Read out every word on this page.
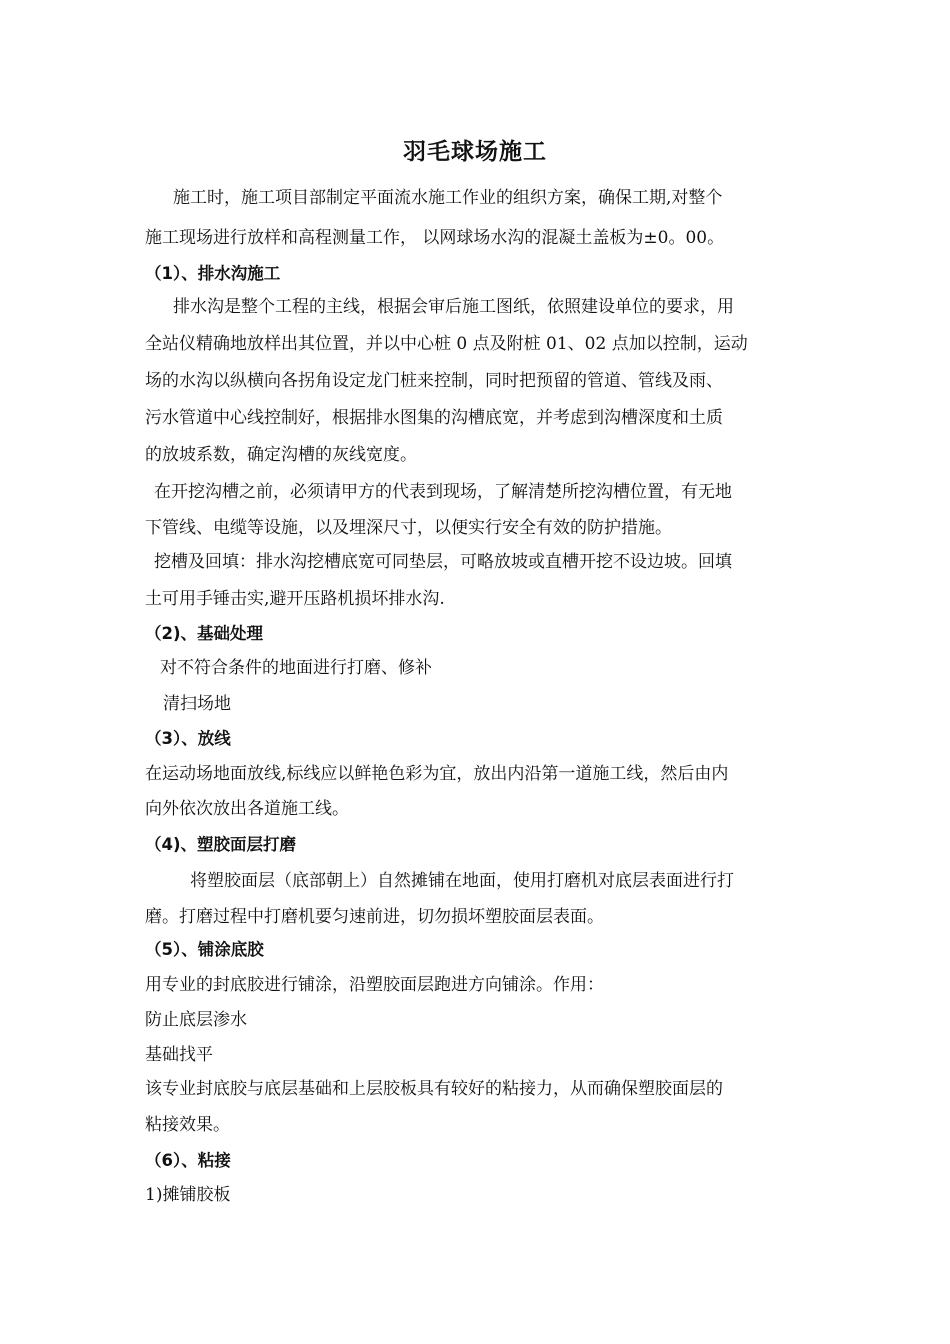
羽毛球场施工
施工时，施工项目部制定平面流水施工作业的组织方案，确保工期,对整个
施工现场进行放样和高程测量工作， 以网球场水沟的混凝土盖板为±0。00。
（1）、排水沟施工
排水沟是整个工程的主线，根据会审后施工图纸，依照建设单位的要求，用
全站仪精确地放样出其位置，并以中心桩 0 点及附桩 01、02 点加以控制，运动
场的水沟以纵横向各拐角设定龙门桩来控制，同时把预留的管道、管线及雨、
污水管道中心线控制好，根据排水图集的沟槽底宽，并考虑到沟槽深度和土质
的放坡系数，确定沟槽的灰线宽度。
在开挖沟槽之前，必须请甲方的代表到现场，了解清楚所挖沟槽位置，有无地
下管线、电缆等设施，以及埋深尺寸，以便实行安全有效的防护措施。
挖槽及回填：排水沟挖槽底宽可同垫层，可略放坡或直槽开挖不设边坡。回填
土可用手锤击实,避开压路机损坏排水沟.
（2)、基础处理
对不符合条件的地面进行打磨、修补
清扫场地
（3）、放线
在运动场地面放线,标线应以鲜艳色彩为宜，放出内沿第一道施工线，然后由内
向外依次放出各道施工线。
（4)、塑胶面层打磨
将塑胶面层（底部朝上）自然摊铺在地面，使用打磨机对底层表面进行打
磨。打磨过程中打磨机要匀速前进，切勿损坏塑胶面层表面。
（5）、铺涂底胶
用专业的封底胶进行铺涂，沿塑胶面层跑进方向铺涂。作用：
防止底层渗水
基础找平
该专业封底胶与底层基础和上层胶板具有较好的粘接力，从而确保塑胶面层的
粘接效果。
（6）、粘接
1)摊铺胶板
